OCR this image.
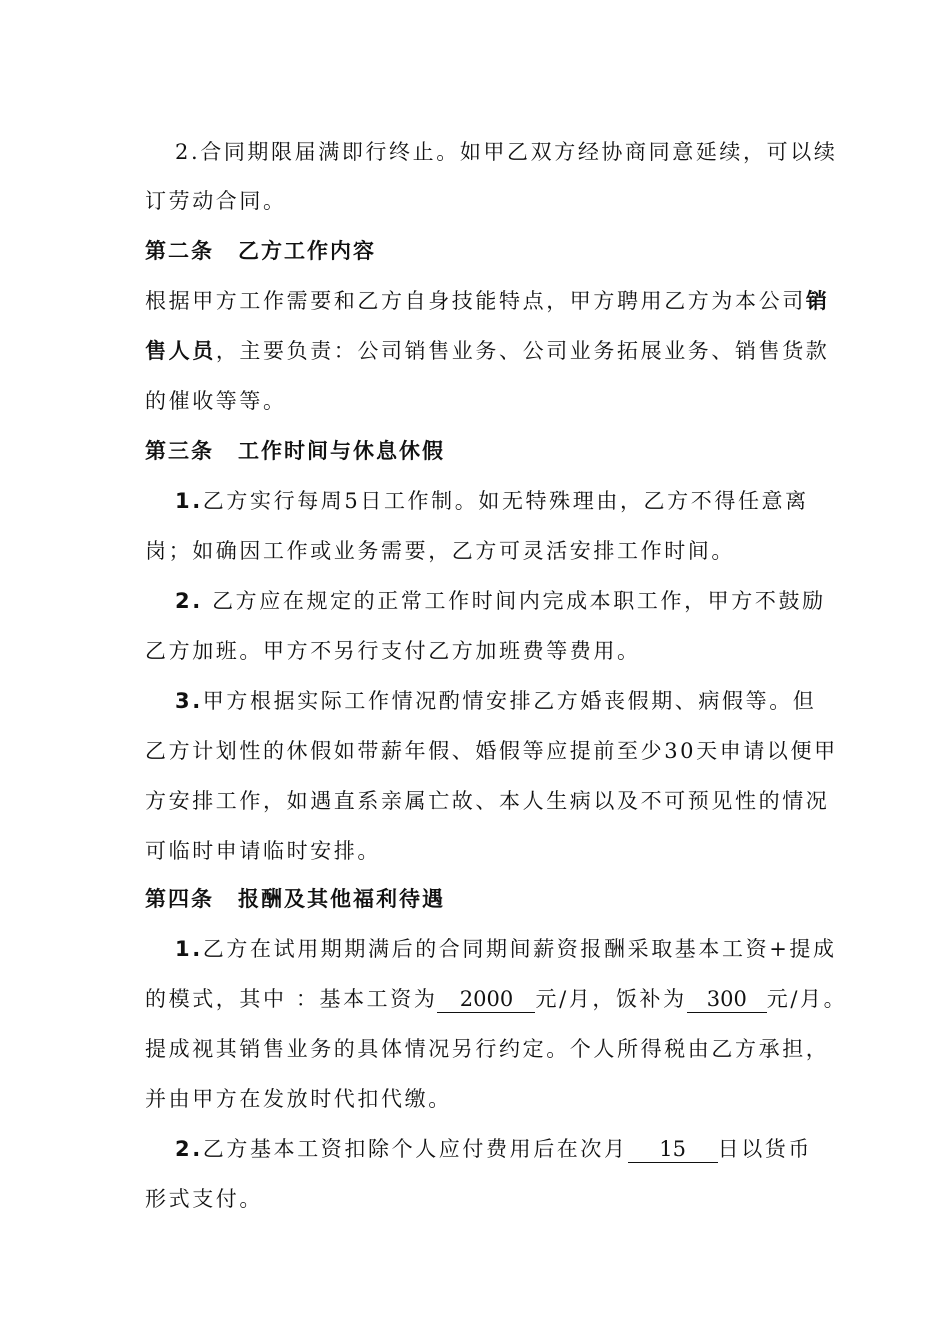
2.合同期限届满即行终止。如甲乙双方经协商同意延续，可以续
订劳动合同。
第二条 乙方工作内容
根据甲方工作需要和乙方自身技能特点，甲方聘用乙方为本公司销
售人员，主要负责：公司销售业务、公司业务拓展业务、销售货款
的催收等等。
第三条 工作时间与休息休假
1.乙方实行每周5日工作制。如无特殊理由，乙方不得任意离
岗；如确因工作或业务需要，乙方可灵活安排工作时间。
2. 乙方应在规定的正常工作时间内完成本职工作，甲方不鼓励
乙方加班。甲方不另行支付乙方加班费等费用。
3.甲方根据实际工作情况酌情安排乙方婚丧假期、病假等。但
乙方计划性的休假如带薪年假、婚假等应提前至少30天申请以便甲
方安排工作，如遇直系亲属亡故、本人生病以及不可预见性的情况
可临时申请临时安排。
第四条 报酬及其他福利待遇
1.乙方在试用期期满后的合同期间薪资报酬采取基本工资+提成
的模式，其中 ：基本工资为 2000 元/月，饭补为 300 元/月。
提成视其销售业务的具体情况另行约定。个人所得税由乙方承担，
并由甲方在发放时代扣代缴。
2.乙方基本工资扣除个人应付费用后在次月 15 日以货币
形式支付。
